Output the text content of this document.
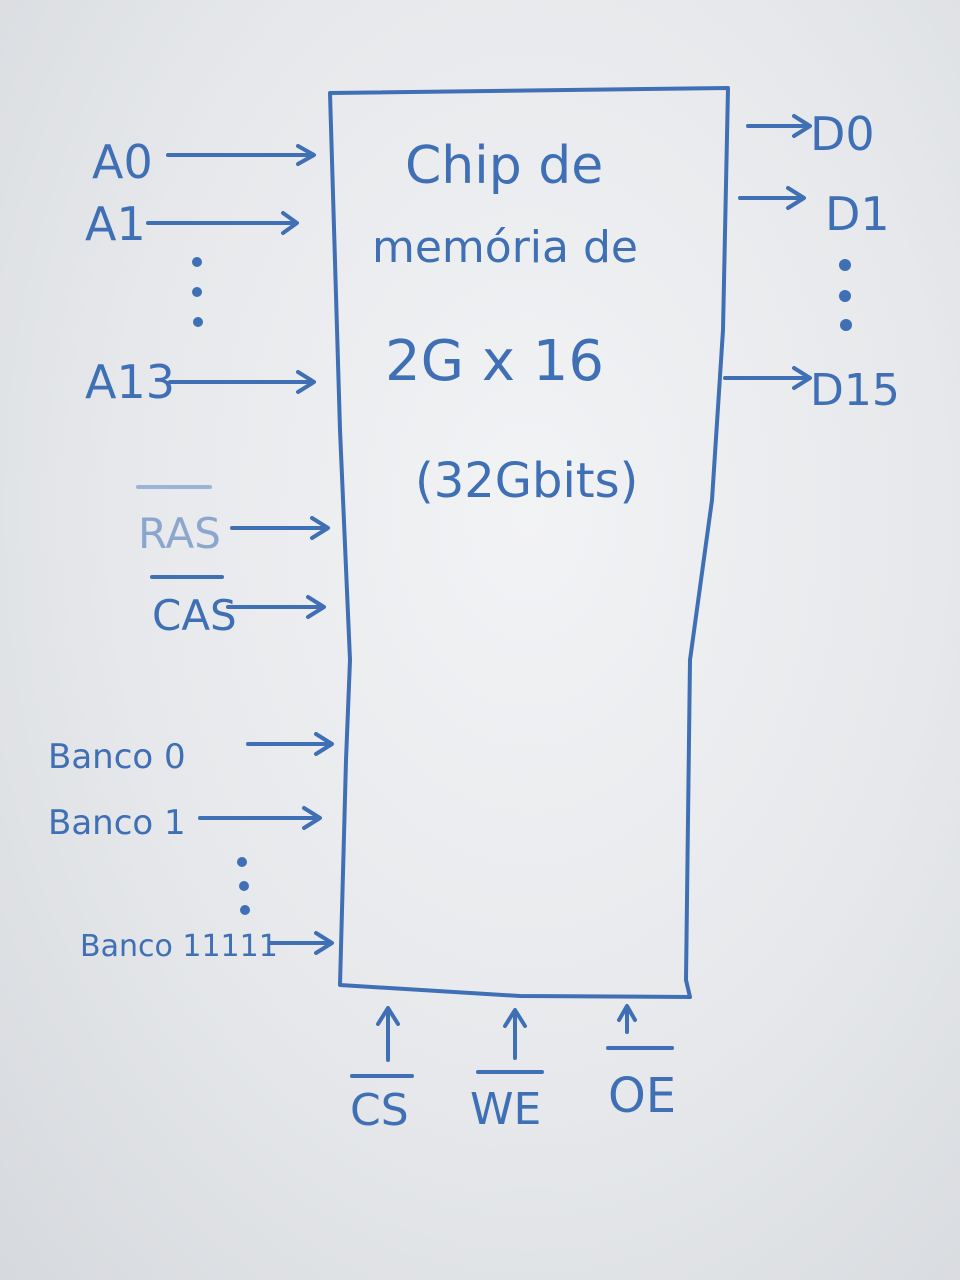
Chip de
memória de
2G x 16
(32Gbits)
A0
A1
A13
RAS
CAS
Banco 0
Banco 1
Banco 11111
D0
D1
D15
CS WE OE
